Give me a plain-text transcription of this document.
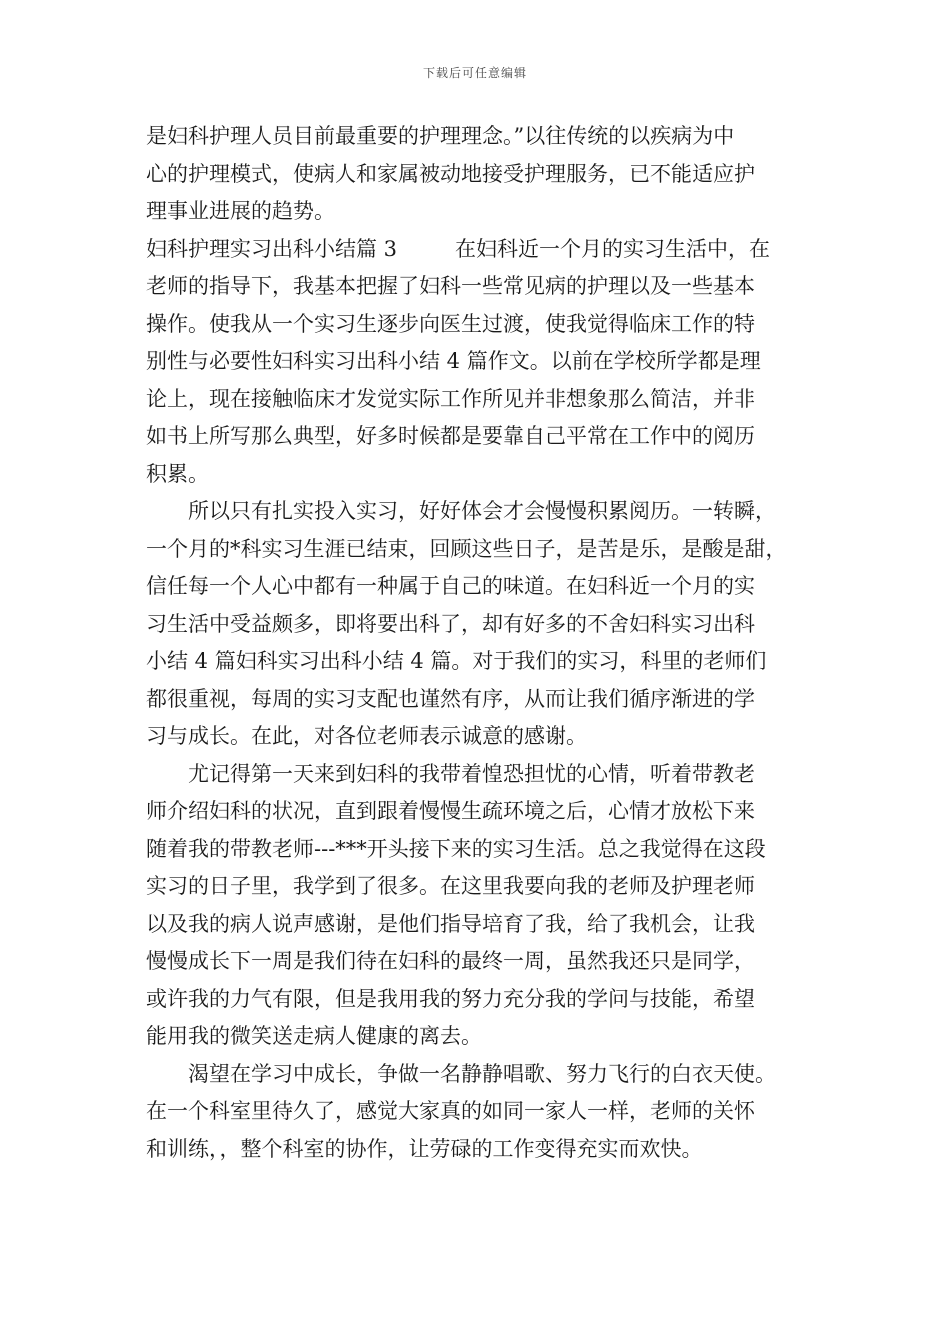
下载后可任意编辑
是妇科护理人员目前最重要的护理理念。”以往传统的以疾病为中
心的护理模式，使病人和家属被动地接受护理服务，已不能适应护
理事业进展的趋势。
妇科护理实习出科小结篇 3	在妇科近一个月的实习生活中，在
老师的指导下，我基本把握了妇科一些常见病的护理以及一些基本
操作。使我从一个实习生逐步向医生过渡，使我觉得临床工作的特
别性与必要性妇科实习出科小结 4 篇作文。以前在学校所学都是理
论上，现在接触临床才发觉实际工作所见并非想象那么简洁，并非
如书上所写那么典型，好多时候都是要靠自己平常在工作中的阅历
积累。
所以只有扎实投入实习，好好体会才会慢慢积累阅历。一转瞬，
一个月的*科实习生涯已结束，回顾这些日子，是苦是乐，是酸是甜，
信任每一个人心中都有一种属于自己的味道。在妇科近一个月的实
习生活中受益颇多，即将要出科了，却有好多的不舍妇科实习出科
小结 4 篇妇科实习出科小结 4 篇。对于我们的实习，科里的老师们
都很重视，每周的实习支配也谨然有序，从而让我们循序渐进的学
习与成长。在此，对各位老师表示诚意的感谢。
尤记得第一天来到妇科的我带着惶恐担忧的心情，听着带教老
师介绍妇科的状况，直到跟着慢慢生疏环境之后，心情才放松下来
随着我的带教老师---***开头接下来的实习生活。总之我觉得在这段
实习的日子里，我学到了很多。在这里我要向我的老师及护理老师
以及我的病人说声感谢，是他们指导培育了我，给了我机会，让我
慢慢成长下一周是我们待在妇科的最终一周，虽然我还只是同学，
或许我的力气有限，但是我用我的努力充分我的学问与技能，希望
能用我的微笑送走病人健康的离去。
渴望在学习中成长，争做一名静静唱歌、努力飞行的白衣天使。
在一个科室里待久了，感觉大家真的如同一家人一样，老师的关怀
和训练，，整个科室的协作，让劳碌的工作变得充实而欢快。
